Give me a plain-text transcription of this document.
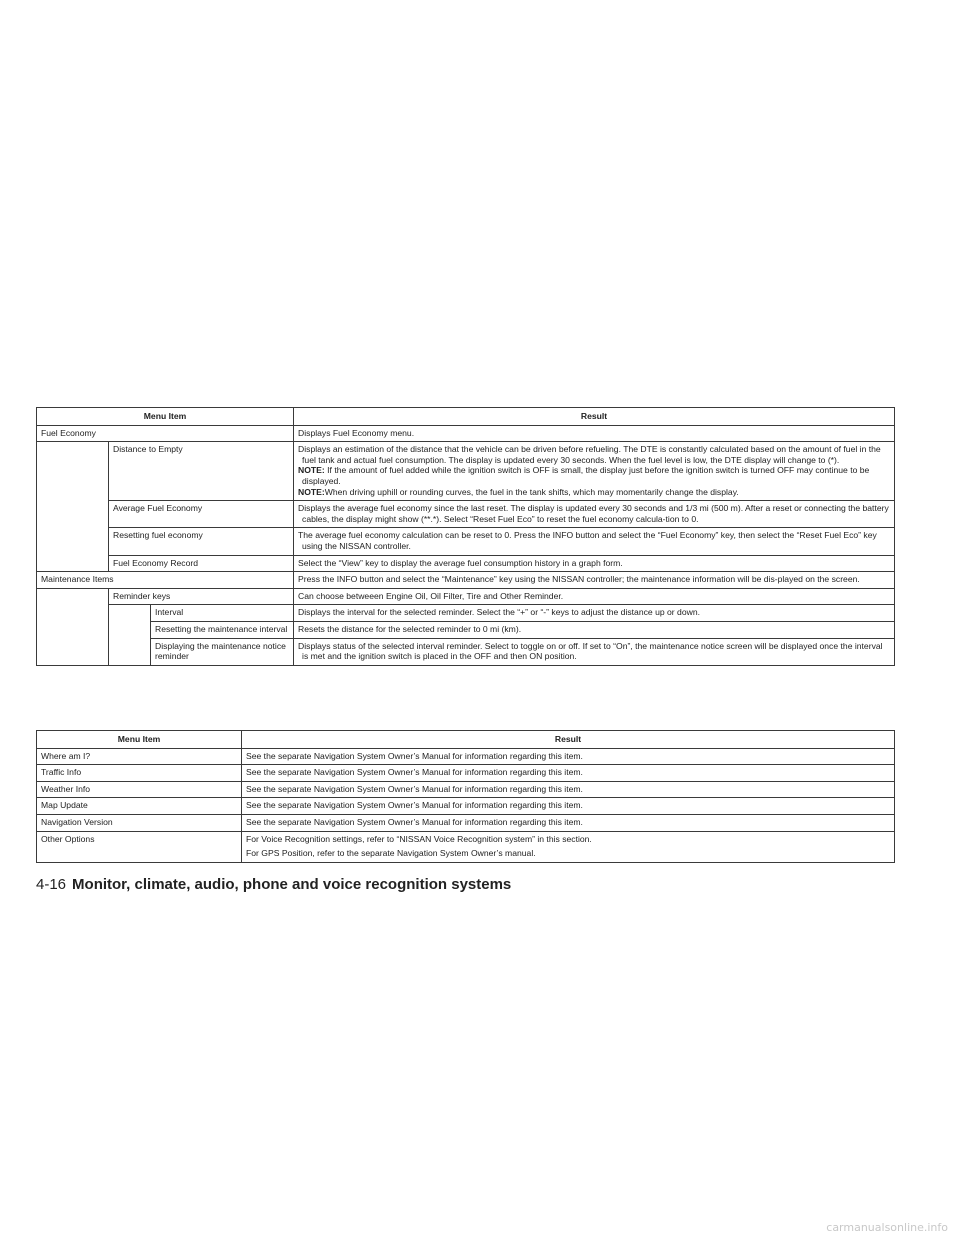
Menu Item			Result
Fuel Economy			Displays Fuel Economy menu.
	Distance to Empty		Displays an estimation of the distance that the vehicle can be driven before refueling. The DTE is constantly calculated based on the amount of fuel in the fuel tank and actual fuel consumption. The display is updated every 30 seconds. When the fuel level is low, the DTE display will change to (*).
NOTE: If the amount of fuel added while the ignition switch is OFF is small, the display just before the ignition switch is turned OFF may continue to be displayed.
NOTE:When driving uphill or rounding curves, the fuel in the tank shifts, which may momentarily change the display.

	Average Fuel Economy		Displays the average fuel economy since the last reset. The display is updated every 30 seconds and 1/3 mi (500 m). After a reset or connecting the battery cables, the display might show (**.*). Select “Reset Fuel Eco” to reset the fuel economy calcula-tion to 0.
	Resetting fuel economy		The average fuel economy calculation can be reset to 0. Press the INFO button and select the “Fuel Economy” key, then select the “Reset Fuel Eco” key using the NISSAN controller.
	Fuel Economy Record		Select the “View” key to display the average fuel consumption history in a graph form.
Maintenance Items			Press the INFO button and select the “Maintenance” key using the NISSAN controller; the maintenance information will be dis-played on the screen.
	Reminder keys		Can choose betweeen Engine Oil, Oil Filter, Tire and Other Reminder.
		Interval	Displays the interval for the selected reminder. Select the “+” or “-” keys to adjust the distance up or down.
		Resetting the maintenance interval	Resets the distance for the selected reminder to 0 mi (km).
		Displaying the maintenance notice reminder	Displays status of the selected interval reminder. Select to toggle on or off. If set to “On”, the maintenance notice screen will be displayed once the interval is met and the ignition switch is placed in the OFF and then ON position.
Menu Item	Result
Where am I?	See the separate Navigation System Owner’s Manual for information regarding this item.
Traffic Info	See the separate Navigation System Owner’s Manual for information regarding this item.
Weather Info	See the separate Navigation System Owner’s Manual for information regarding this item.
Map Update	See the separate Navigation System Owner’s Manual for information regarding this item.
Navigation Version	See the separate Navigation System Owner’s Manual for information regarding this item.
Other Options	For Voice Recognition settings, refer to “NISSAN Voice Recognition system” in this section.
For GPS Position, refer to the separate Navigation System Owner’s manual.
4-16 Monitor, climate, audio, phone and voice recognition systems
carmanualsonline.info
